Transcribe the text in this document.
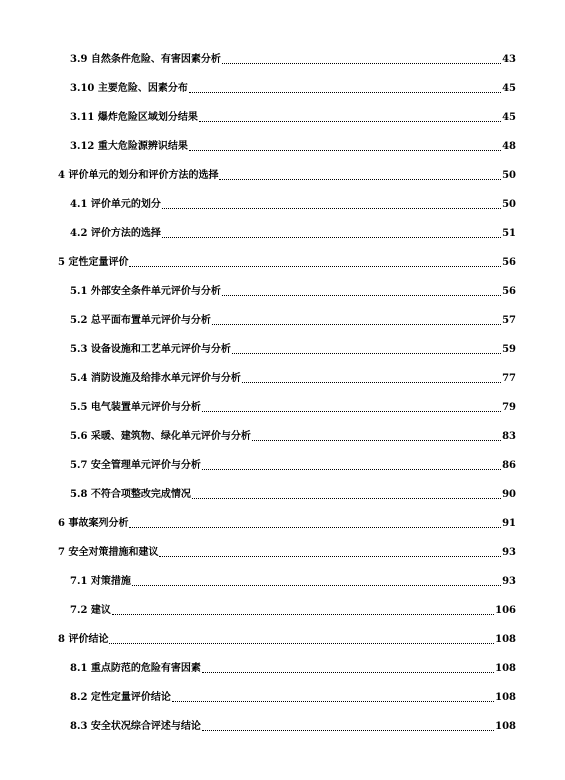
3.9 自然条件危险、有害因素分析	43
3.10 主要危险、因素分布	45
3.11 爆炸危险区域划分结果	45
3.12 重大危险源辨识结果	48
4 评价单元的划分和评价方法的选择	50
4.1 评价单元的划分	50
4.2 评价方法的选择	51
5 定性定量评价	56
5.1 外部安全条件单元评价与分析	56
5.2 总平面布置单元评价与分析	57
5.3 设备设施和工艺单元评价与分析	59
5.4 消防设施及给排水单元评价与分析	77
5.5 电气装置单元评价与分析	79
5.6 采暖、建筑物、绿化单元评价与分析	83
5.7 安全管理单元评价与分析	86
5.8 不符合项整改完成情况	90
6 事故案列分析	91
7 安全对策措施和建议	93
7.1 对策措施	93
7.2 建议	106
8 评价结论	108
8.1 重点防范的危险有害因素	108
8.2 定性定量评价结论	108
8.3 安全状况综合评述与结论	108
